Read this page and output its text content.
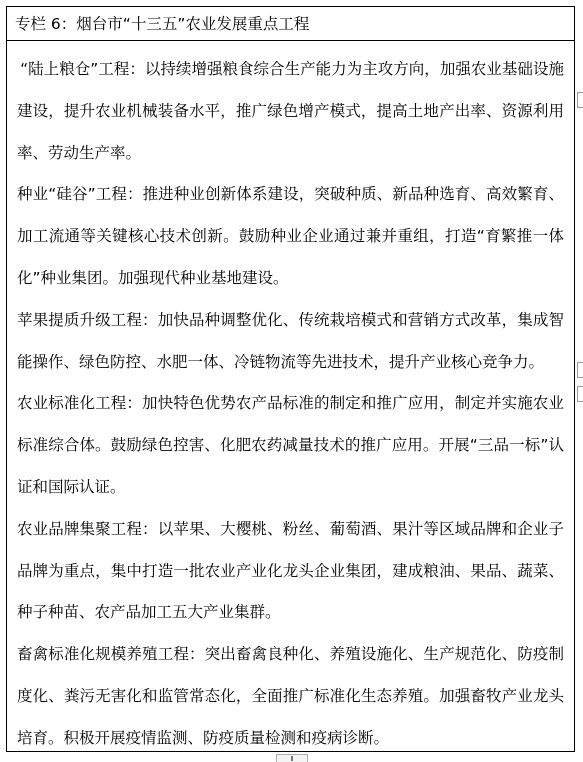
专栏 6：烟台市“十三五”农业发展重点工程

“陆上粮仓”工程：以持续增强粮食综合生产能力为主攻方向，加强农业基础设施建设，提升农业机械装备水平，推广绿色增产模式，提高土地产出率、资源利用率、劳动生产率。

种业“硅谷”工程：推进种业创新体系建设，突破种质、新品种选育、高效繁育、加工流通等关键核心技术创新。鼓励种业企业通过兼并重组，打造“育繁推一体化”种业集团。加强现代种业基地建设。

苹果提质升级工程：加快品种调整优化、传统栽培模式和营销方式改革，集成智能操作、绿色防控、水肥一体、冷链物流等先进技术，提升产业核心竞争力。

农业标准化工程：加快特色优势农产品标准的制定和推广应用，制定并实施农业标准综合体。鼓励绿色控害、化肥农药减量技术的推广应用。开展“三品一标”认证和国际认证。

农业品牌集聚工程：以苹果、大樱桃、粉丝、葡萄酒、果汁等区域品牌和企业子品牌为重点，集中打造一批农业产业化龙头企业集团，建成粮油、果品、蔬菜、种子种苗、农产品加工五大产业集群。

畜禽标准化规模养殖工程：突出畜禽良种化、养殖设施化、生产规范化、防疫制度化、粪污无害化和监管常态化，全面推广标准化生态养殖。加强畜牧产业龙头培育。积极开展疫情监测、防疫质量检测和疫病诊断。
